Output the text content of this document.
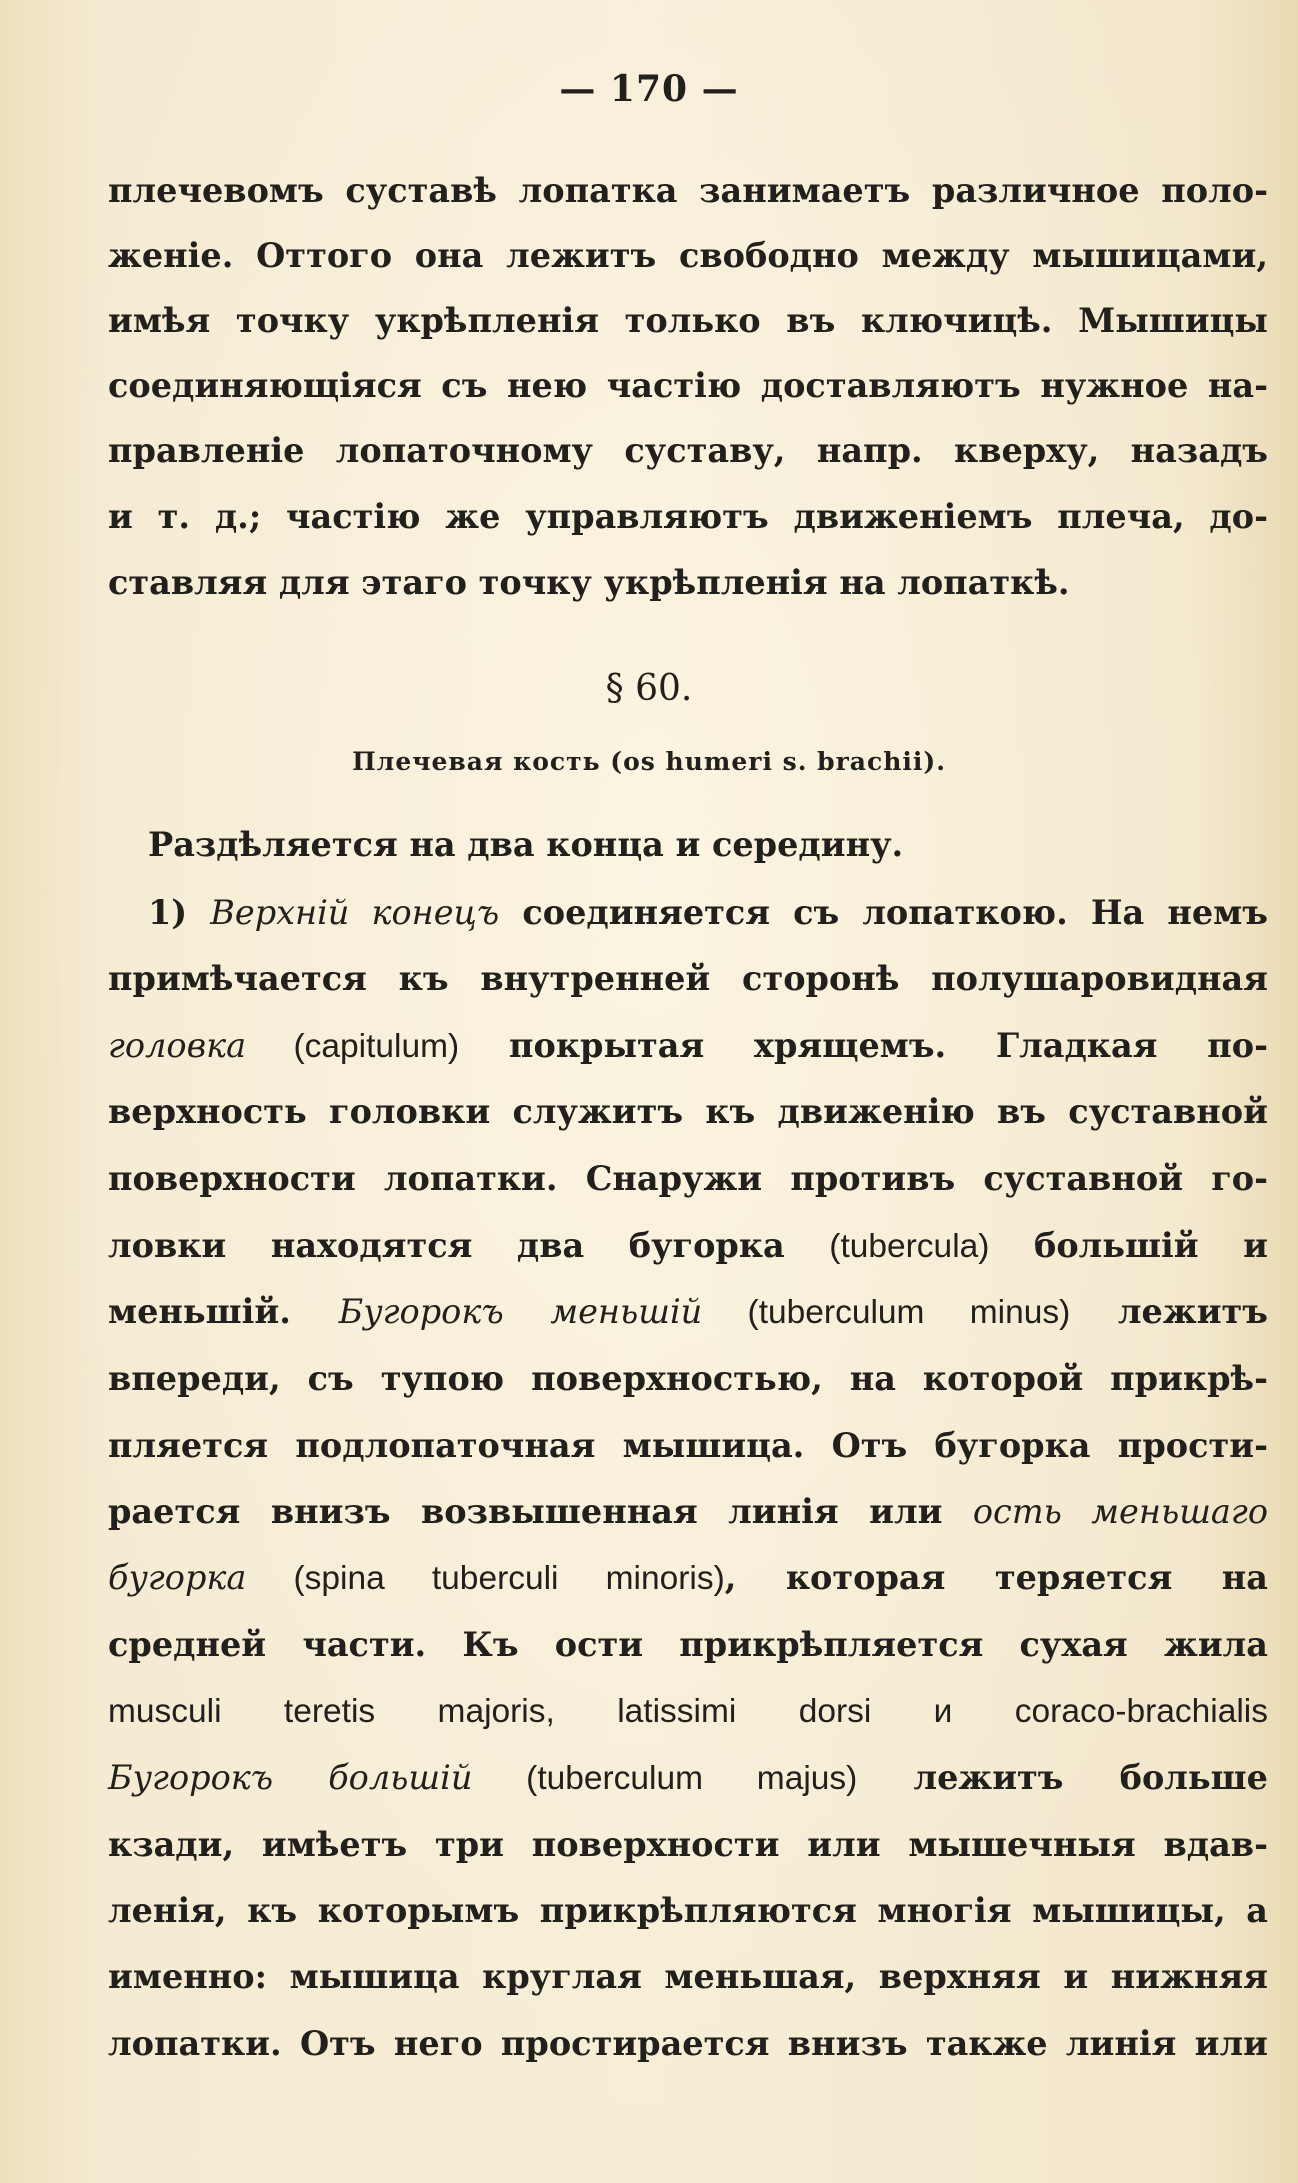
— 170 —
плечевомъ суставѣ лопатка занимаетъ различное поло-
женіе. Оттого она лежитъ свободно между мышицами,
имѣя точку укрѣпленія только въ ключицѣ. Мышицы
соединяющіяся съ нею частію доставляютъ нужное на-
правленіе лопаточному суставу, напр. кверху, назадъ
и т. д.; частію же управляютъ движеніемъ плеча, до-
ставляя для этаго точку укрѣпленія на лопаткѣ.
§ 60.
Плечевая кость (os humeri s. brachii).
Раздѣляется на два конца и середину.
1) Верхній конецъ соединяется съ лопаткою. На немъ
примѣчается къ внутренней сторонѣ полушаровидная
головка (capitulum) покрытая хрящемъ. Гладкая по-
верхность головки служитъ къ движенію въ суставной
поверхности лопатки. Снаружи противъ суставной го-
ловки находятся два бугорка (tubercula) большій и
меньшій. Бугорокъ меньшій (tuberculum minus) лежитъ
впереди, съ тупою поверхностью, на которой прикрѣ-
пляется подлопаточная мышица. Отъ бугорка прости-
рается внизъ возвышенная линія или ость меньшаго
бугорка (spina tuberculi minoris), которая теряется на
средней части. Къ ости прикрѣпляется сухая жила
musculi teretis majoris, latissimi dorsi и coraco-brachialis
Бугорокъ большій (tuberculum majus) лежитъ больше
кзади, имѣетъ три поверхности или мышечныя вдав-
ленія, къ которымъ прикрѣпляются многія мышицы, а
именно: мышица круглая меньшая, верхняя и нижняя
лопатки. Отъ него простирается внизъ также линія или
